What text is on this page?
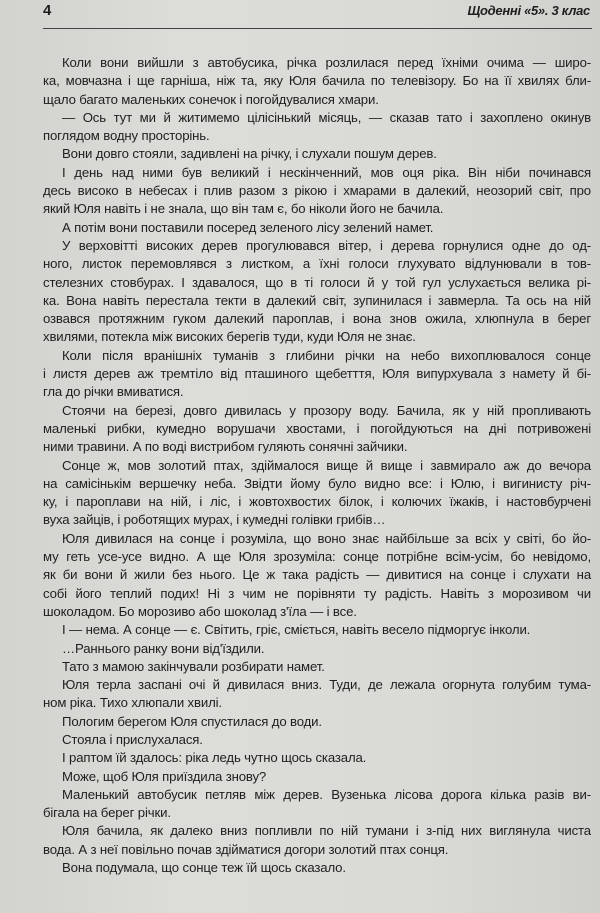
4	Щоденні «5». 3 клас
Коли вони вийшли з автобусика, річка розлилася перед їхніми очима — широ-
ка, мовчазна і ще гарніша, ніж та, яку Юля бачила по телевізору. Бо на її хвилях бли-
щало багато маленьких сонечок і погойдувалися хмари.
— Ось тут ми й житимемо цілісінький місяць, — сказав тато і захоплено окинув
поглядом водну просторінь.
Вони довго стояли, задивлені на річку, і слухали пошум дерев.
І день над ними був великий і нескінченний, мов оця ріка. Він ніби починався
десь високо в небесах і плив разом з рікою і хмарами в далекий, неозорий світ, про
який Юля навіть і не знала, що він там є, бо ніколи його не бачила.
А потім вони поставили посеред зеленого лісу зелений намет.
У верховітті високих дерев прогулювався вітер, і дерева горнулися одне до од-
ного, листок перемовлявся з листком, а їхні голоси глухувато відлунювали в тов-
стелезних стовбурах. І здавалося, що в ті голоси й у той гул услухається велика рі-
ка. Вона навіть перестала текти в далекий світ, зупинилася і завмерла. Та ось на ній
озвався протяжним гуком далекий пароплав, і вона знов ожила, хлюпнула в берег
хвилями, потекла між високих берегів туди, куди Юля не знає.
Коли після вранішніх туманів з глибини річки на небо вихоплювалося сонце
і листя дерев аж тремтіло від пташиного щебетття, Юля випурхувала з намету й бі-
гла до річки вмиватися.
Стоячи на березі, довго дивилась у прозору воду. Бачила, як у ній пропливають
маленькі рибки, кумедно ворушачи хвостами, і погойдуються на дні потривожені
ними травини. А по воді вистрибом гуляють сонячні зайчики.
Сонце ж, мов золотий птах, здіймалося вище й вище і завмирало аж до вечора
на самісінькім вершечку неба. Звідти йому було видно все: і Юлю, і вигинисту річ-
ку, і пароплави на ній, і ліс, і жовтохвостих білок, і колючих їжаків, і настовбурчені
вуха зайців, і роботящих мурах, і кумедні голівки грибів…
Юля дивилася на сонце і розуміла, що воно знає найбільше за всіх у світі, бо йо-
му геть усе-усе видно. А ще Юля зрозуміла: сонце потрібне всім-усім, бо невідомо,
як би вони й жили без нього. Це ж така радість — дивитися на сонце і слухати на
собі його теплий подих! Ні з чим не порівняти ту радість. Навіть з морозивом чи
шоколадом. Бо морозиво або шоколад з'їла — і все.
І — нема. А сонце — є. Світить, гріє, сміється, навіть весело підморгує інколи.
…Раннього ранку вони від'їздили.
Тато з мамою закінчували розбирати намет.
Юля терла заспані очі й дивилася вниз. Туди, де лежала огорнута голубим тума-
ном ріка. Тихо хлюпали хвилі.
Пологим берегом Юля спустилася до води.
Стояла і прислухалася.
І раптом їй здалось: ріка ледь чутно щось сказала.
Може, щоб Юля приїздила знову?
Маленький автобусик петляв між дерев. Вузенька лісова дорога кілька разів ви-
бігала на берег річки.
Юля бачила, як далеко вниз попливли по ній тумани і з-під них виглянула чиста
вода. А з неї повільно почав здійматися догори золотий птах сонця.
Вона подумала, що сонце теж їй щось сказало.
